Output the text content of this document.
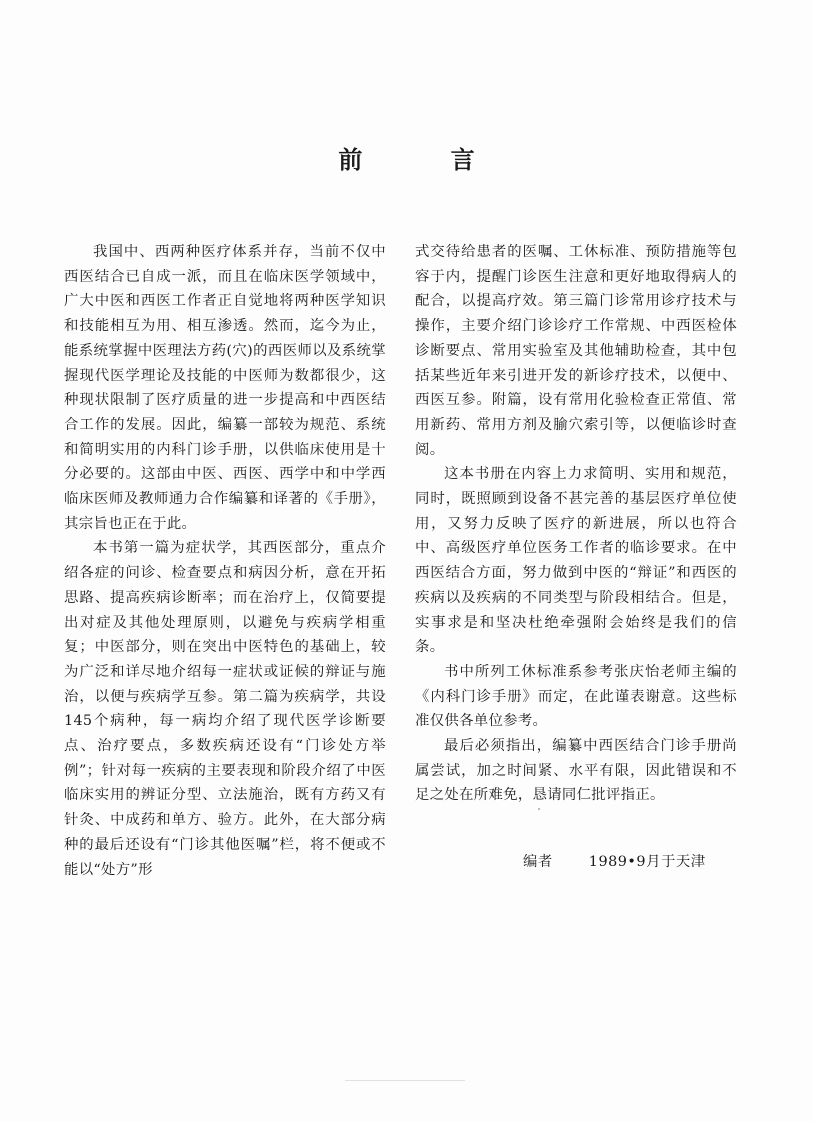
前 言

我国中、西两种医疗体系并存，当前不仅中西医结合已自成一派，而且在临床医学领域中，广大中医和西医工作者正自觉地将两种医学知识和技能相互为用、相互渗透。然而，迄今为止，能系统掌握中医理法方药(穴)的西医师以及系统掌握现代医学理论及技能的中医师为数都很少，这种现状限制了医疗质量的进一步提高和中西医结合工作的发展。因此，编纂一部较为规范、系统和简明实用的内科门诊手册，以供临床使用是十分必要的。这部由中医、西医、西学中和中学西临床医师及教师通力合作编纂和译著的《手册》，其宗旨也正在于此。

本书第一篇为症状学，其西医部分，重点介绍各症的问诊、检查要点和病因分析，意在开拓思路、提高疾病诊断率；而在治疗上，仅简要提出对症及其他处理原则，以避免与疾病学相重复；中医部分，则在突出中医特色的基础上，较为广泛和详尽地介绍每一症状或证候的辩证与施治，以便与疾病学互参。第二篇为疾病学，共设145个病种，每一病均介绍了现代医学诊断要点、治疗要点，多数疾病还设有“门诊处方举例”；针对每一疾病的主要表现和阶段介绍了中医临床实用的辨证分型、立法施治，既有方药又有针灸、中成药和单方、验方。此外，在大部分病种的最后还设有“门诊其他医嘱”栏，将不便或不能以“处方”形

式交待给患者的医嘱、工休标准、预防措施等包容于内，提醒门诊医生注意和更好地取得病人的配合，以提高疗效。第三篇门诊常用诊疗技术与操作，主要介绍门诊诊疗工作常规、中西医检体诊断要点、常用实验室及其他辅助检查，其中包括某些近年来引进开发的新诊疗技术，以便中、西医互参。附篇，设有常用化验检查正常值、常用新药、常用方剂及腧穴索引等，以便临诊时查阅。

这本书册在内容上力求简明、实用和规范，同时，既照顾到设备不甚完善的基层医疗单位使用，又努力反映了医疗的新进展，所以也符合中、高级医疗单位医务工作者的临诊要求。在中西医结合方面，努力做到中医的“辩证”和西医的疾病以及疾病的不同类型与阶段相结合。但是，实事求是和坚决杜绝牵强附会始终是我们的信条。

书中所列工休标准系参考张庆怡老师主编的《内科门诊手册》而定，在此谨表谢意。这些标准仅供各单位参考。

最后必须指出，编纂中西医结合门诊手册尚属尝试，加之时间紧、水平有限，因此错误和不足之处在所难免，恳请同仁批评指正。

编者	1989•9月于天津
